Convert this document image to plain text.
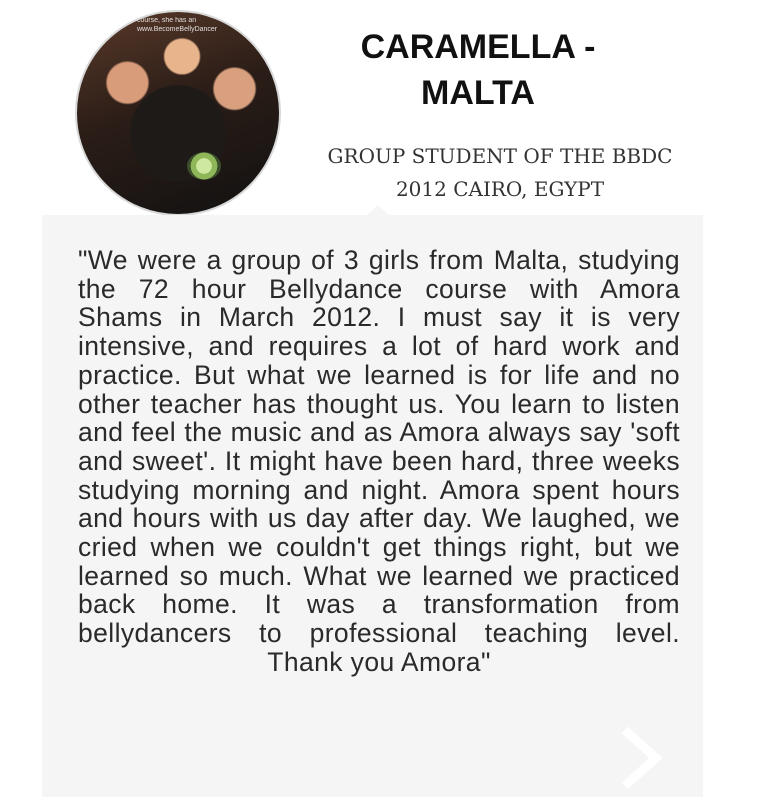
course, she has an
www.BecomeBellyDancer	CARAMELLA - MALTA
GROUP STUDENT OF THE BBDC
2012 CAIRO, EGYPT

"We were a group of 3 girls from Malta, studying the 72 hour Bellydance course with Amora Shams in March 2012. I must say it is very intensive, and requires a lot of hard work and practice. But what we learned is for life and no other teacher has thought us. You learn to listen and feel the music and as Amora always say 'soft and sweet'. It might have been hard, three weeks studying morning and night. Amora spent hours and hours with us day after day. We laughed, we cried when we couldn't get things right, but we learned so much. What we learned we practiced back home. It was a transformation from bellydancers to professional teaching level. Thank you Amora"
